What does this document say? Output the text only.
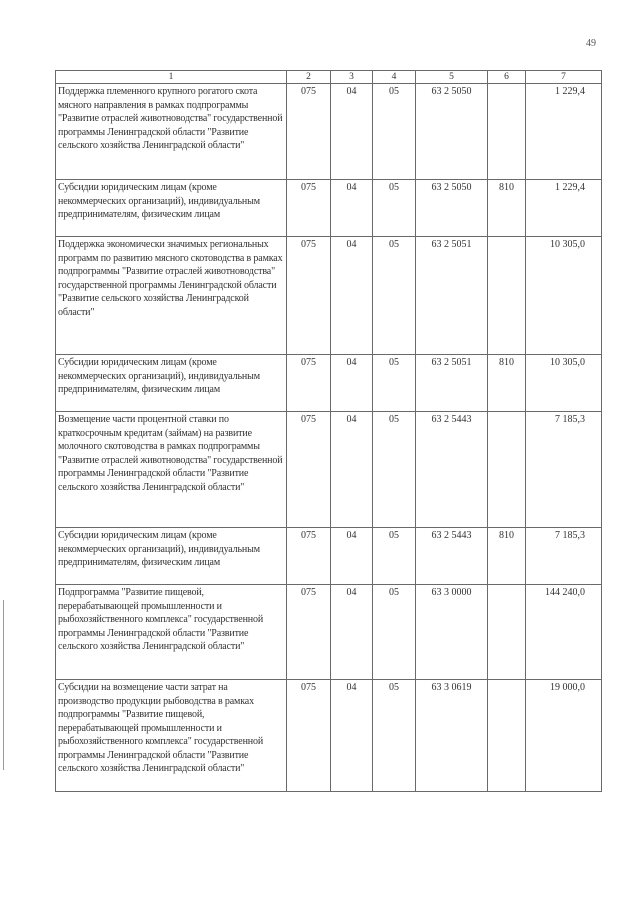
49
1	2	3	4	5	6	7
Поддержка племенного крупного рогатого скота мясного направления в рамках подпрограммы "Развитие отраслей животноводства" государственной программы Ленинградской области "Развитие сельского хозяйства Ленинградской области"	075	04	05	63 2 5050		1 229,4
Субсидии юридическим лицам (кроме некоммерческих организаций), индивидуальным предпринимателям, физическим лицам	075	04	05	63 2 5050	810	1 229,4
Поддержка экономически значимых региональных программ по развитию мясного скотоводства в рамках подпрограммы "Развитие отраслей животноводства" государственной программы Ленинградской области "Развитие сельского хозяйства Ленинградской области"	075	04	05	63 2 5051		10 305,0
Субсидии юридическим лицам (кроме некоммерческих организаций), индивидуальным предпринимателям, физическим лицам	075	04	05	63 2 5051	810	10 305,0
Возмещение части процентной ставки по краткосрочным кредитам (займам) на развитие молочного скотоводства в рамках подпрограммы "Развитие отраслей животноводства" государственной программы Ленинградской области "Развитие сельского хозяйства Ленинградской области"	075	04	05	63 2 5443		7 185,3
Субсидии юридическим лицам (кроме некоммерческих организаций), индивидуальным предпринимателям, физическим лицам	075	04	05	63 2 5443	810	7 185,3
Подпрограмма "Развитие пищевой, перерабатывающей промышленности и рыбохозяйственного комплекса" государственной программы Ленинградской области "Развитие сельского хозяйства Ленинградской области"	075	04	05	63 3 0000		144 240,0
Субсидии на возмещение части затрат на производство продукции рыбоводства в рамках подпрограммы "Развитие пищевой, перерабатывающей промышленности и рыбохозяйственного комплекса" государственной программы Ленинградской области "Развитие сельского хозяйства Ленинградской области"	075	04	05	63 3 0619		19 000,0
